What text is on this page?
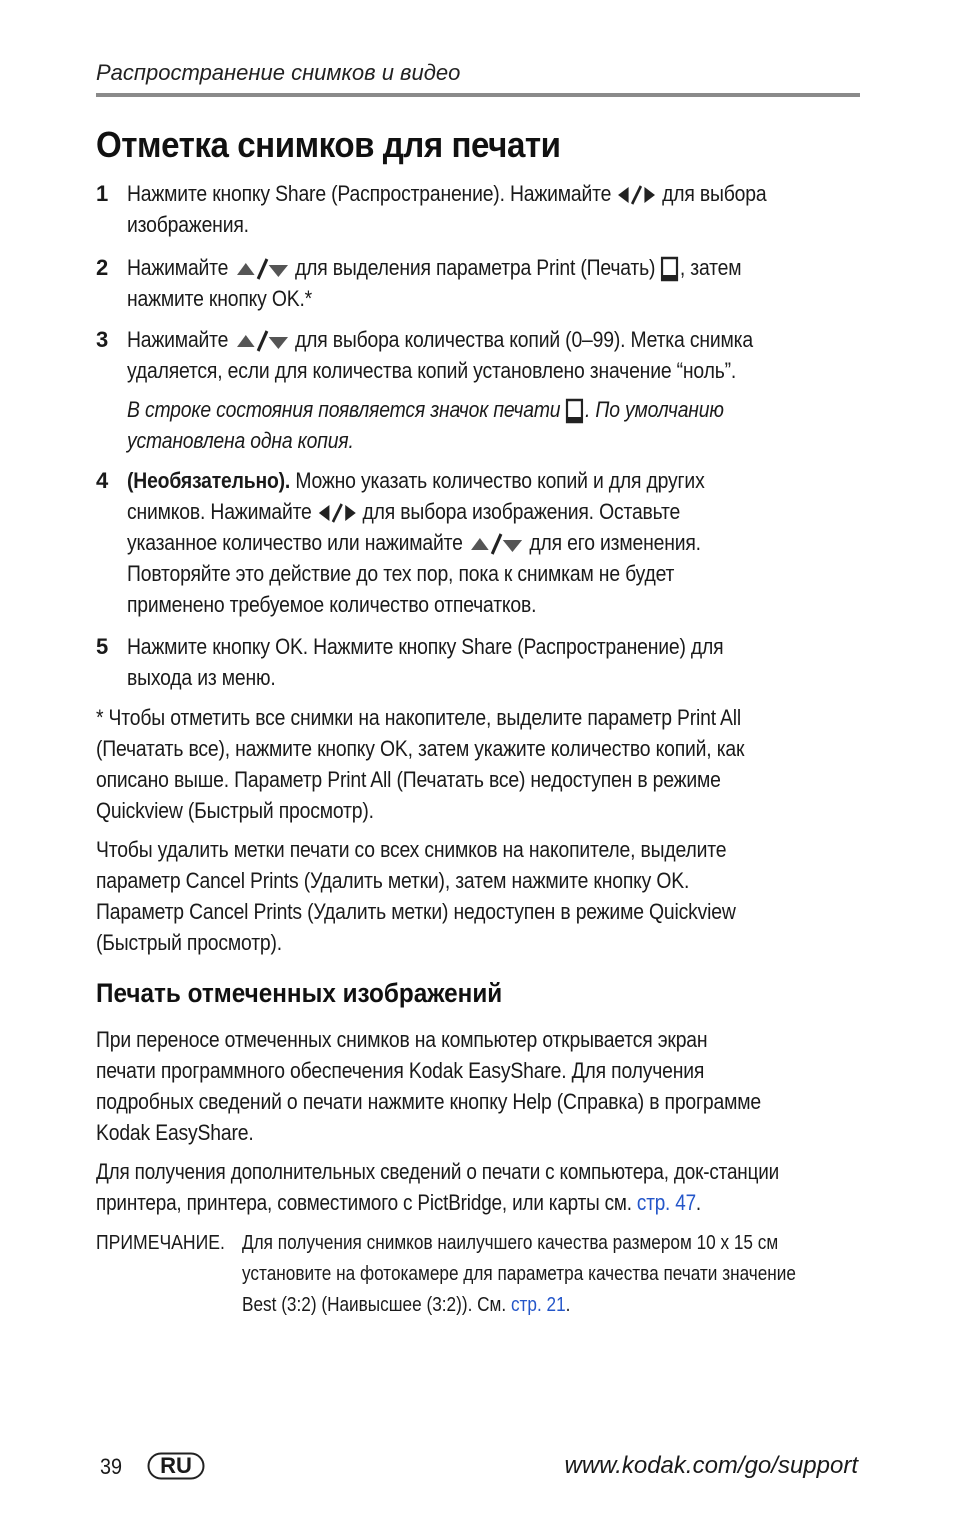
Распространение снимков и видео
Отметка снимков для печати
1 Нажмите кнопку Share (Распространение). Нажимайте для выбора
изображения.
2 Нажимайте	для выделения параметра Print (Печать) , затем
нажмите кнопку OK.*
3 Нажимайте	для выбора количества копий (0–99). Метка снимка
удаляется, если для количества копий установлено значение “ноль”.
В строке состояния появляется значок печати . По умолчанию
установлена одна копия.
4 (Необязательно). Можно указать количество копий и для других
снимков. Нажимайте для выбора изображения. Оставьте
указанное количество или нажимайте	для его изменения.
Повторяйте это действие до тех пор, пока к снимкам не будет
применено требуемое количество отпечатков.
5 Нажмите кнопку OK. Нажмите кнопку Share (Распространение) для
выхода из меню.
* Чтобы отметить все снимки на накопителе, выделите параметр Print All
(Печатать все), нажмите кнопку OK, затем укажите количество копий, как
описано выше. Параметр Print All (Печатать все) недоступен в режиме
Quickview (Быстрый просмотр).
Чтобы удалить метки печати со всех снимков на накопителе, выделите
параметр Cancel Prints (Удалить метки), затем нажмите кнопку OK.
Параметр Cancel Prints (Удалить метки) недоступен в режиме Quickview
(Быстрый просмотр).
Печать отмеченных изображений
При переносе отмеченных снимков на компьютер открывается экран
печати программного обеспечения Kodak EasyShare. Для получения
подробных сведений о печати нажмите кнопку Help (Справка) в программе
Kodak EasyShare.
Для получения дополнительных сведений о печати с компьютера, док-станции
принтера, принтера, совместимого с PictBridge, или карты см. стр. 47.
ПРИМЕЧАНИЕ. Для получения снимков наилучшего качества размером 10 x 15 см
установите на фотокамере для параметра качества печати значение
Best (3:2) (Наивысшее (3:2)). См. стр. 21.
39	RU	www.kodak.com/go/support
